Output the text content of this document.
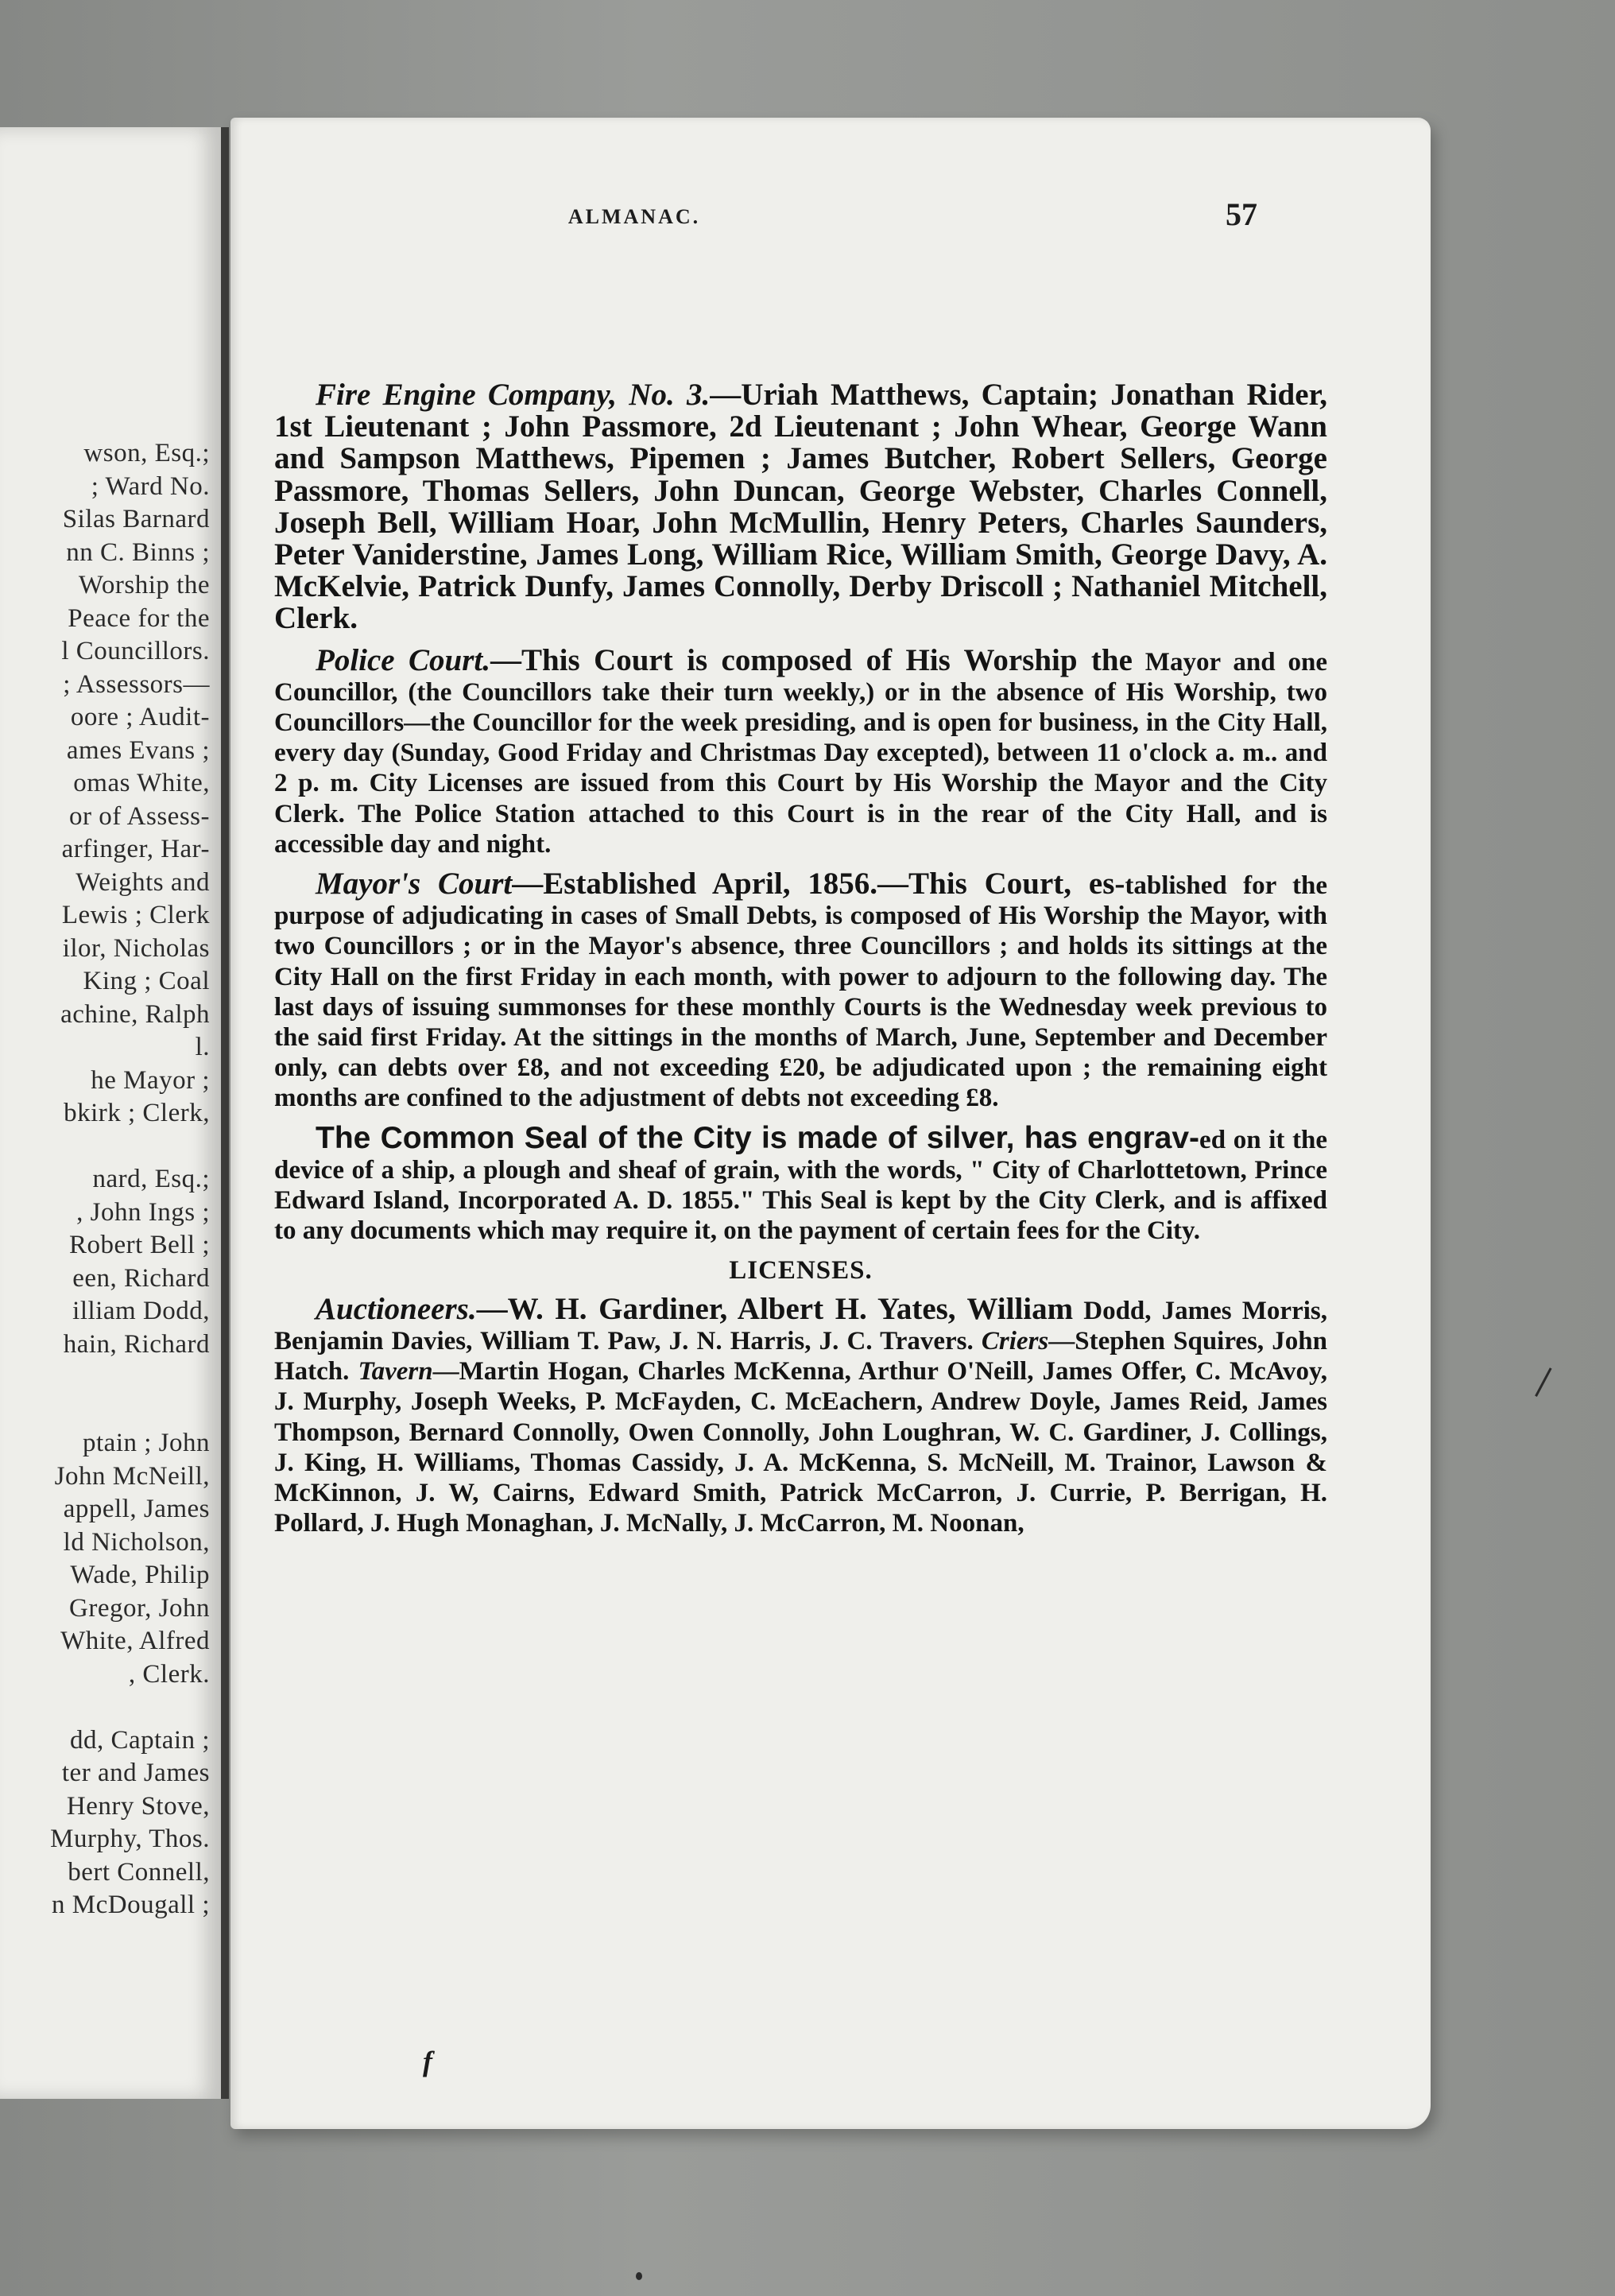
wson, Esq.;
; Ward No.
Silas Barnard
nn C. Binns ;
Worship the
Peace for the
l Councillors.
; Assessors—
oore ; Audit-
ames Evans ;
omas White,
or of Assess-
arfinger, Har-
Weights and
Lewis ; Clerk
ilor, Nicholas
King ; Coal
achine, Ralph
l.
he Mayor ;
bkirk ; Clerk,
nard, Esq.;
, John Ings ;
Robert Bell ;
een, Richard
illiam Dodd,
hain, Richard
ptain ; John
John McNeill,
appell, James
ld Nicholson,
Wade, Philip
Gregor, John
White, Alfred
, Clerk.
dd, Captain ;
ter and James
Henry Stove,
Murphy, Thos.
bert Connell,
n McDougall ;
ALMANAC.	57

Fire Engine Company, No. 3.—Uriah Matthews, Captain; Jonathan Rider, 1st Lieutenant ; John Passmore, 2d Lieutenant ; John Whear, George Wann and Sampson Matthews, Pipemen ; James Butcher, Robert Sellers, George Passmore, Thomas Sellers, John Duncan, George Webster, Charles Connell, Joseph Bell, William Hoar, John McMullin, Henry Peters, Charles Saunders, Peter Vaniderstine, James Long, William Rice, William Smith, George Davy, A. McKelvie, Patrick Dunfy, James Connolly, Derby Driscoll ; Nathaniel Mitchell, Clerk.

Police Court.—This Court is composed of His Worship the Mayor and one Councillor, (the Councillors take their turn weekly,) or in the absence of His Worship, two Councillors—the Councillor for the week presiding, and is open for business, in the City Hall, every day (Sunday, Good Friday and Christmas Day excepted), between 11 o'clock a. m.. and 2 p. m. City Licenses are issued from this Court by His Worship the Mayor and the City Clerk. The Police Station attached to this Court is in the rear of the City Hall, and is accessible day and night.

Mayor's Court—Established April, 1856.—This Court, es-tablished for the purpose of adjudicating in cases of Small Debts, is composed of His Worship the Mayor, with two Councillors ; or in the Mayor's absence, three Councillors ; and holds its sittings at the City Hall on the first Friday in each month, with power to adjourn to the following day. The last days of issuing summonses for these monthly Courts is the Wednesday week previous to the said first Friday. At the sittings in the months of March, June, September and December only, can debts over £8, and not exceeding £20, be adjudicated upon ; the remaining eight months are confined to the adjustment of debts not exceeding £8.

The Common Seal of the City is made of silver, has engrav-ed on it the device of a ship, a plough and sheaf of grain, with the words, " City of Charlottetown, Prince Edward Island, Incorporated A. D. 1855." This Seal is kept by the City Clerk, and is affixed to any documents which may require it, on the payment of certain fees for the City.

LICENSES.

Auctioneers.—W. H. Gardiner, Albert H. Yates, William Dodd, James Morris, Benjamin Davies, William T. Paw, J. N. Harris, J. C. Travers. Criers—Stephen Squires, John Hatch. Tavern—Martin Hogan, Charles McKenna, Arthur O'Neill, James Offer, C. McAvoy, J. Murphy, Joseph Weeks, P. McFayden, C. McEachern, Andrew Doyle, James Reid, James Thompson, Bernard Connolly, Owen Connolly, John Loughran, W. C. Gardiner, J. Collings, J. King, H. Williams, Thomas Cassidy, J. A. McKenna, S. McNeill, M. Trainor, Lawson & McKinnon, J. W, Cairns, Edward Smith, Patrick McCarron, J. Currie, P. Berrigan, H. Pollard, J. Hugh Monaghan, J. McNally, J. McCarron, M. Noonan,

f
